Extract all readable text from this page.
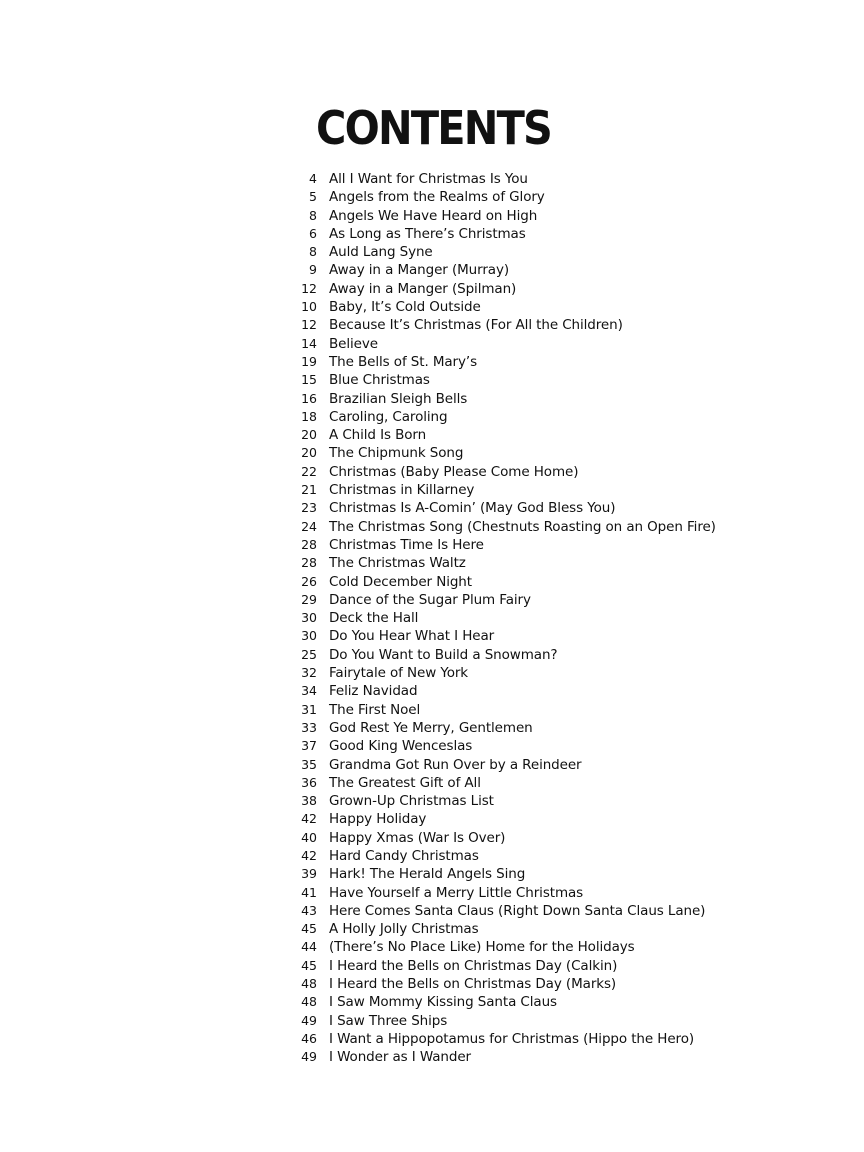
CONTENTS
4 All I Want for Christmas Is You
5 Angels from the Realms of Glory
8 Angels We Have Heard on High
6 As Long as There’s Christmas
8 Auld Lang Syne
9 Away in a Manger (Murray)
12 Away in a Manger (Spilman)
10 Baby, It’s Cold Outside
12 Because It’s Christmas (For All the Children)
14 Believe
19 The Bells of St. Mary’s
15 Blue Christmas
16 Brazilian Sleigh Bells
18 Caroling, Caroling
20 A Child Is Born
20 The Chipmunk Song
22 Christmas (Baby Please Come Home)
21 Christmas in Killarney
23 Christmas Is A-Comin’ (May God Bless You)
24 The Christmas Song (Chestnuts Roasting on an Open Fire)
28 Christmas Time Is Here
28 The Christmas Waltz
26 Cold December Night
29 Dance of the Sugar Plum Fairy
30 Deck the Hall
30 Do You Hear What I Hear
25 Do You Want to Build a Snowman?
32 Fairytale of New York
34 Feliz Navidad
31 The First Noel
33 God Rest Ye Merry, Gentlemen
37 Good King Wenceslas
35 Grandma Got Run Over by a Reindeer
36 The Greatest Gift of All
38 Grown-Up Christmas List
42 Happy Holiday
40 Happy Xmas (War Is Over)
42 Hard Candy Christmas
39 Hark! The Herald Angels Sing
41 Have Yourself a Merry Little Christmas
43 Here Comes Santa Claus (Right Down Santa Claus Lane)
45 A Holly Jolly Christmas
44 (There’s No Place Like) Home for the Holidays
45 I Heard the Bells on Christmas Day (Calkin)
48 I Heard the Bells on Christmas Day (Marks)
48 I Saw Mommy Kissing Santa Claus
49 I Saw Three Ships
46 I Want a Hippopotamus for Christmas (Hippo the Hero)
49 I Wonder as I Wander
